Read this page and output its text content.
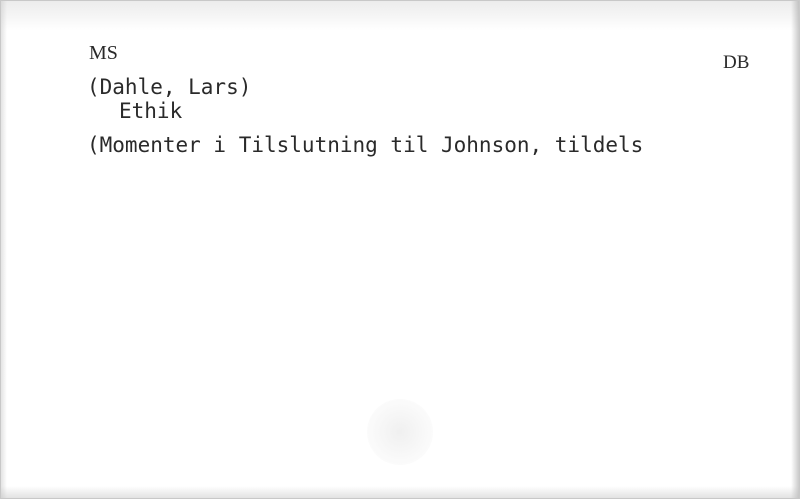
MS	DB
(Dahle, Lars)
Ethik
(Momenter i Tilslutning til Johnson, tildels
